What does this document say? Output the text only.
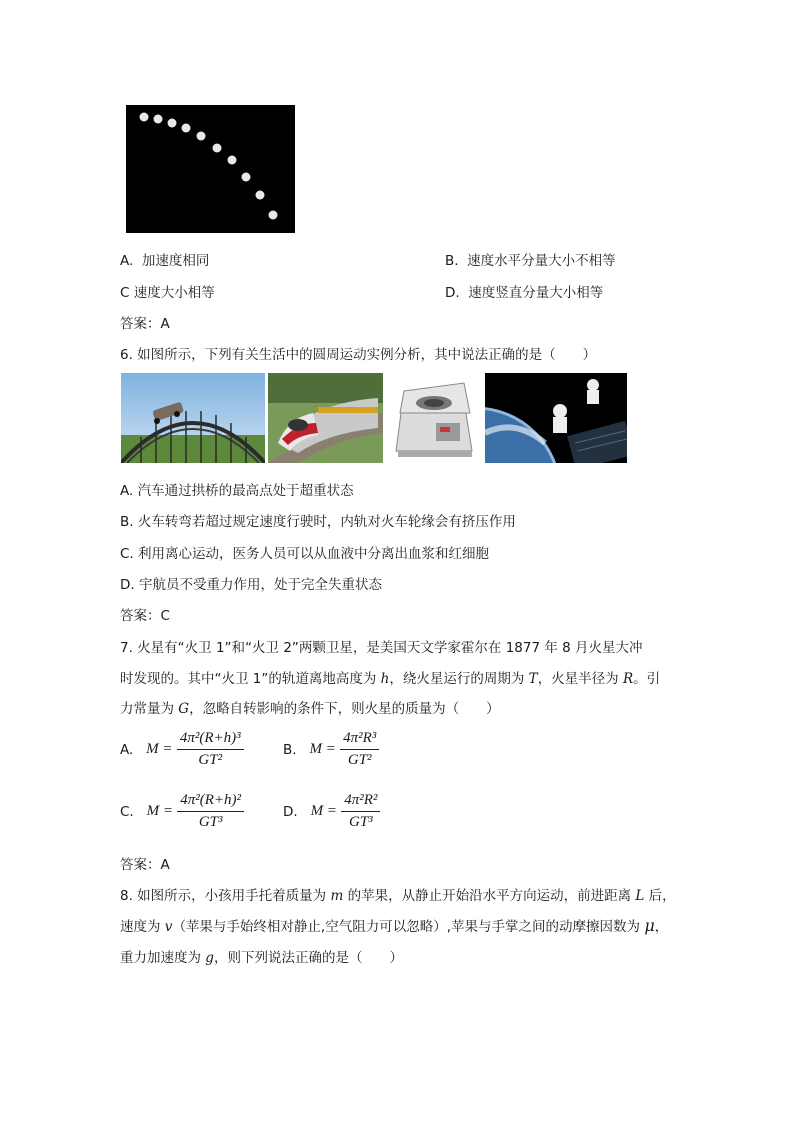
A. 加速度相同	B. 速度水平分量大小不相等
C 速度大小相等	D. 速度竖直分量大小相等
答案：A
6. 如图所示，下列有关生活中的圆周运动实例分析，其中说法正确的是（　　）
A. 汽车通过拱桥的最高点处于超重状态
B. 火车转弯若超过规定速度行驶时，内轨对火车轮缘会有挤压作用
C. 利用离心运动，医务人员可以从血液中分离出血浆和红细胞
D. 宇航员不受重力作用，处于完全失重状态
答案：C
7. 火星有“火卫 1”和“火卫 2”两颗卫星，是美国天文学家霍尔在 1877 年 8 月火星大冲
时发现的。其中“火卫 1”的轨道离地高度为 h，绕火星运行的周期为 T，火星半径为 R。引
力常量为 G，忽略自转影响的条件下，则火星的质量为（　　）
A.
M =
$\frac{\text{4π²(R+h)³}}{\text{GT²}}$	B.
M =
$\frac{\text{4π²R³}}{\text{GT²}}$
C.
M =
$\frac{\text{4π²(R+h)²}}{\text{GT³}}$	D.
M =
$\frac{\text{4π²R²}}{\text{GT³}}$
答案：A
8. 如图所示，小孩用手托着质量为 m 的苹果，从静止开始沿水平方向运动，前进距离 L 后，
速度为 v（苹果与手始终相对静止,空气阻力可以忽略）,苹果与手掌之间的动摩擦因数为 μ，
重力加速度为 g，则下列说法正确的是（　　）
